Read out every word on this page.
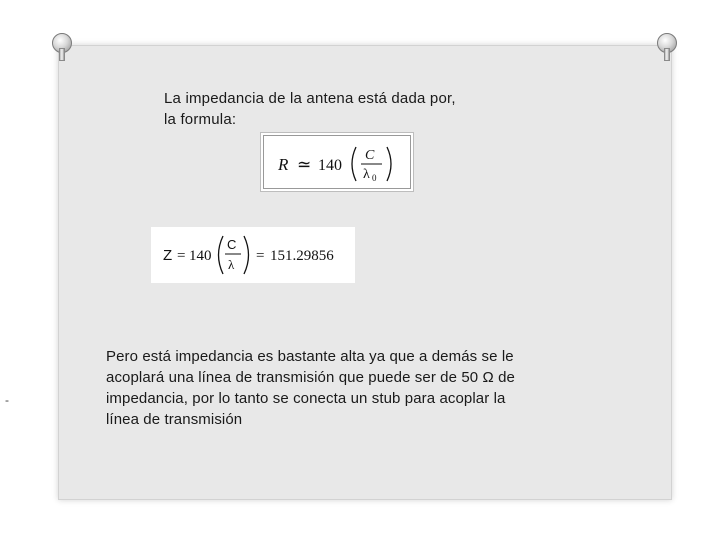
La impedancia de la antena está dada por,
la formula:
R ≃ 140
C
λ 0
Z = 140
C
λ
= 151.29856
Pero está impedancia es bastante alta ya que a demás se le
acoplará una línea de transmisión que puede ser de 50 Ω de
impedancia, por lo tanto se conecta un stub para acoplar la
línea de transmisión
-
